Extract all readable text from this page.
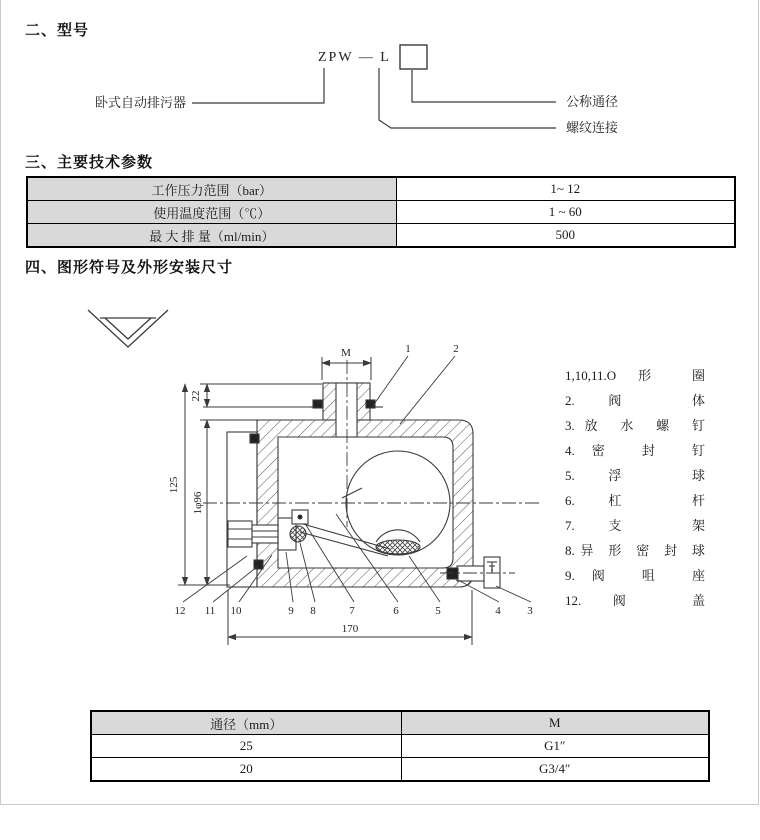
二、型号
ZPW — L
卧式自动排污器	公称通径
螺纹连接
三、主要技术参数
工作压力范围（bar）	1~ 12
使用温度范围（℃）	1 ~ 60
最 大 排 量（ml/min）	500
四、图形符号及外形安装尺寸
M
22
125
1φ96
170
1	2
12 11 10	9 8	7	6	5	4 3
1,10,11.O 形 圈
2.阀 体
3.放 水 螺 钉
4.密 封 钉
5.浮 球
6.杠 杆
7.支 架
8.异 形 密 封 球
9.阀 咀 座
12.阀 盖
通径（mm）	M
25	G1″
20	G3/4″
